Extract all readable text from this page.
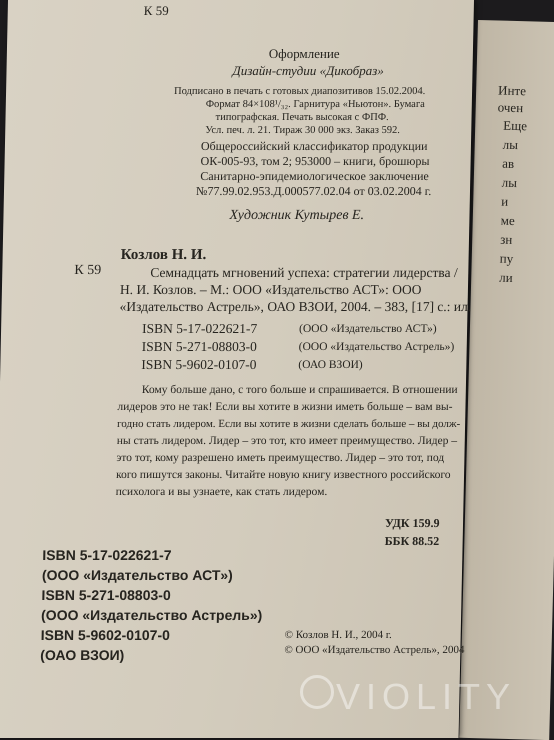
Инте
очен
Еще
лы
ав
лы
и
ме
зн
пу
ли
К 59
Оформление
Дизайн-студии «Дикобраз»
Подписано в печать с готовых диапозитивов 15.02.2004.
Формат 84×108¹/₃₂. Гарнитура «Ньютон». Бумага
типографская. Печать высокая с ФПФ.
Усл. печ. л. 21. Тираж 30 000 экз. Заказ 592.
Общероссийский классификатор продукции
ОК-005-93, том 2; 953000 – книги, брошюры
Санитарно-эпидемиологическое заключение
№77.99.02.953.Д.000577.02.04 от 03.02.2004 г.
Художник Кутырев Е.
Козлов Н. И.
К 59	Семнадцать мгновений успеха: стратегии лидерства /
Н. И. Козлов. – М.: ООО «Издательство АСТ»: ООО
«Издательство Астрель», ОАО ВЗОИ, 2004. – 383, [17] с.: ил.
ISBN 5-17-022621-7	(ООО «Издательство АСТ»)
ISBN 5-271-08803-0	(ООО «Издательство Астрель»)
ISBN 5-9602-0107-0	(ОАО ВЗОИ)
Кому больше дано, с того больше и спрашивается. В отношении
лидеров это не так! Если вы хотите в жизни иметь больше – вам вы-
годно стать лидером. Если вы хотите в жизни сделать больше – вы долж-
ны стать лидером. Лидер – это тот, кто имеет преимущество. Лидер –
это тот, кому разрешено иметь преимущество. Лидер – это тот, под
кого пишутся законы. Читайте новую книгу известного российского
психолога и вы узнаете, как стать лидером.
УДК 159.9
ББК 88.52
ISBN 5-17-022621-7
(ООО «Издательство АСТ»)
ISBN 5-271-08803-0
(ООО «Издательство Астрель»)
ISBN 5-9602-0107-0
(ОАО ВЗОИ)
© Козлов Н. И., 2004 г.
© ООО «Издательство Астрель», 2004
VIOLITY
